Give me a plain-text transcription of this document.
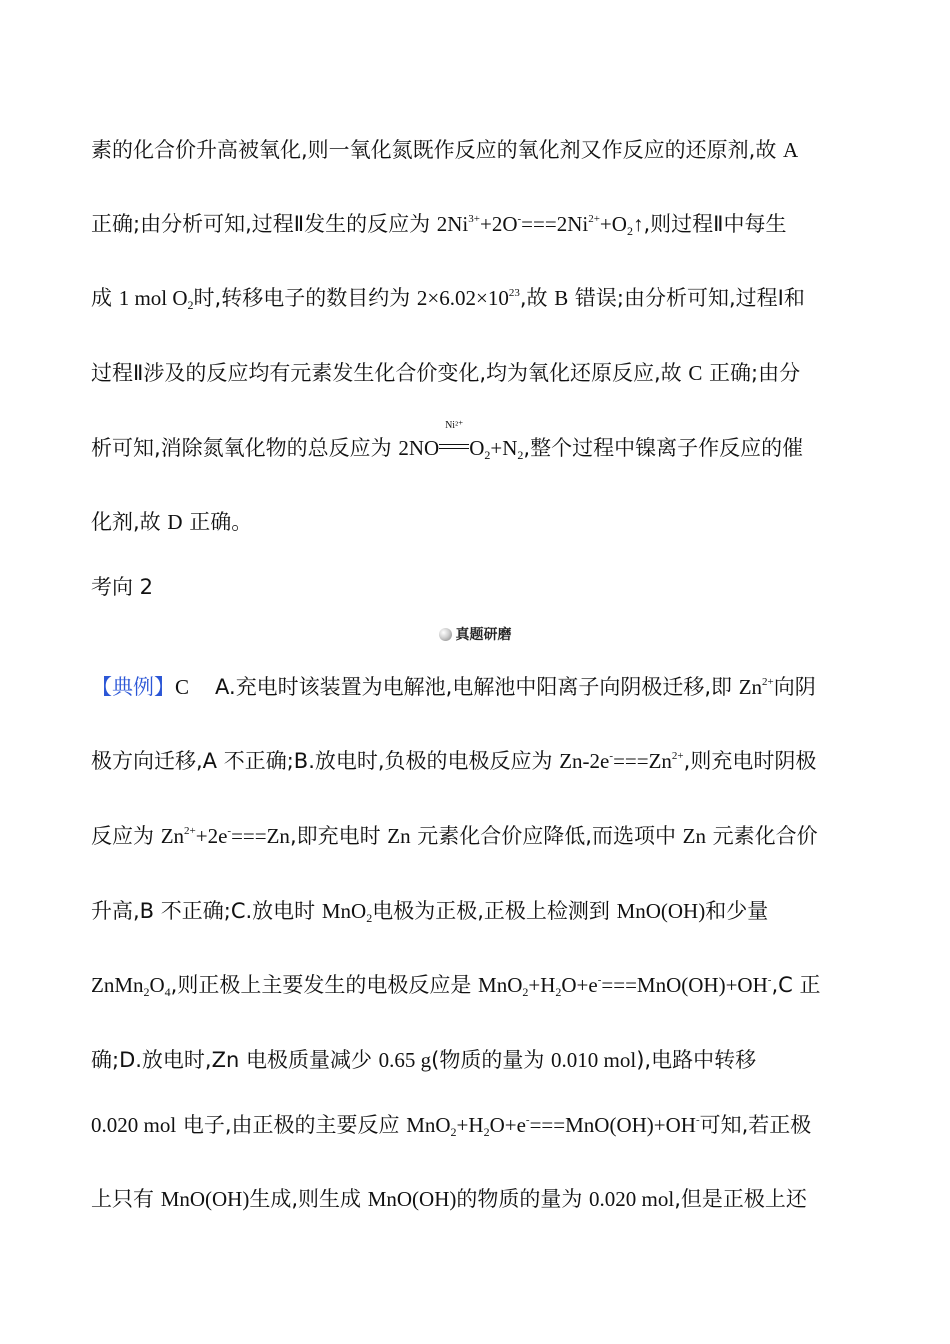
素的化合价升高被氧化,则一氧化氮既作反应的氧化剂又作反应的还原剂,故 A
正确;由分析可知,过程Ⅱ发生的反应为 $2Ni^{3+}+2O^-===2Ni^{2+}+O_2↑$,则过程Ⅱ中每生
成 1 mol $O_2$时,转移电子的数目约为 $2\times 6.02\times 10^{23}$,故 B 错误;由分析可知,过程Ⅰ和
过程Ⅱ涉及的反应均有元素发生化合价变化,均为氧化还原反应,故 C 正确;由分
析可知,消除氮氧化物的总反应为 2NO
Ni²⁺
$O_2+N_2$,整个过程中镍离子作反应的催
化剂,故 D 正确。
考向 2
真题研磨
【典例】C A.充电时该装置为电解池,电解池中阳离子向阴极迁移,即 $Zn^{2+}$向阴
极方向迁移,A 不正确;B.放电时,负极的电极反应为 $Zn-2e^-===Zn^{2+}$,则充电时阴极
反应为 $Zn^{2+}+2e^-===Zn$,即充电时 Zn 元素化合价应降低,而选项中 Zn 元素化合价
升高,B 不正确;C.放电时 MnO$_2$电极为正极,正极上检测到 MnO(OH)和少量
$ZnMn_2O_4$,则正极上主要发生的电极反应是 $MnO_2+H_2O+e^-===MnO(OH)+OH^-,C$ 正
确;D.放电时,Zn 电极质量减少 0.65 g(物质的量为 0.010 mol),电路中转移
0.020 mol 电子,由正极的主要反应 $MnO_2+H_2O+e^-===MnO(OH)+OH^-$可知,若正极
上只有 MnO(OH)生成,则生成 MnO(OH)的物质的量为 0.020 mol,但是正极上还
